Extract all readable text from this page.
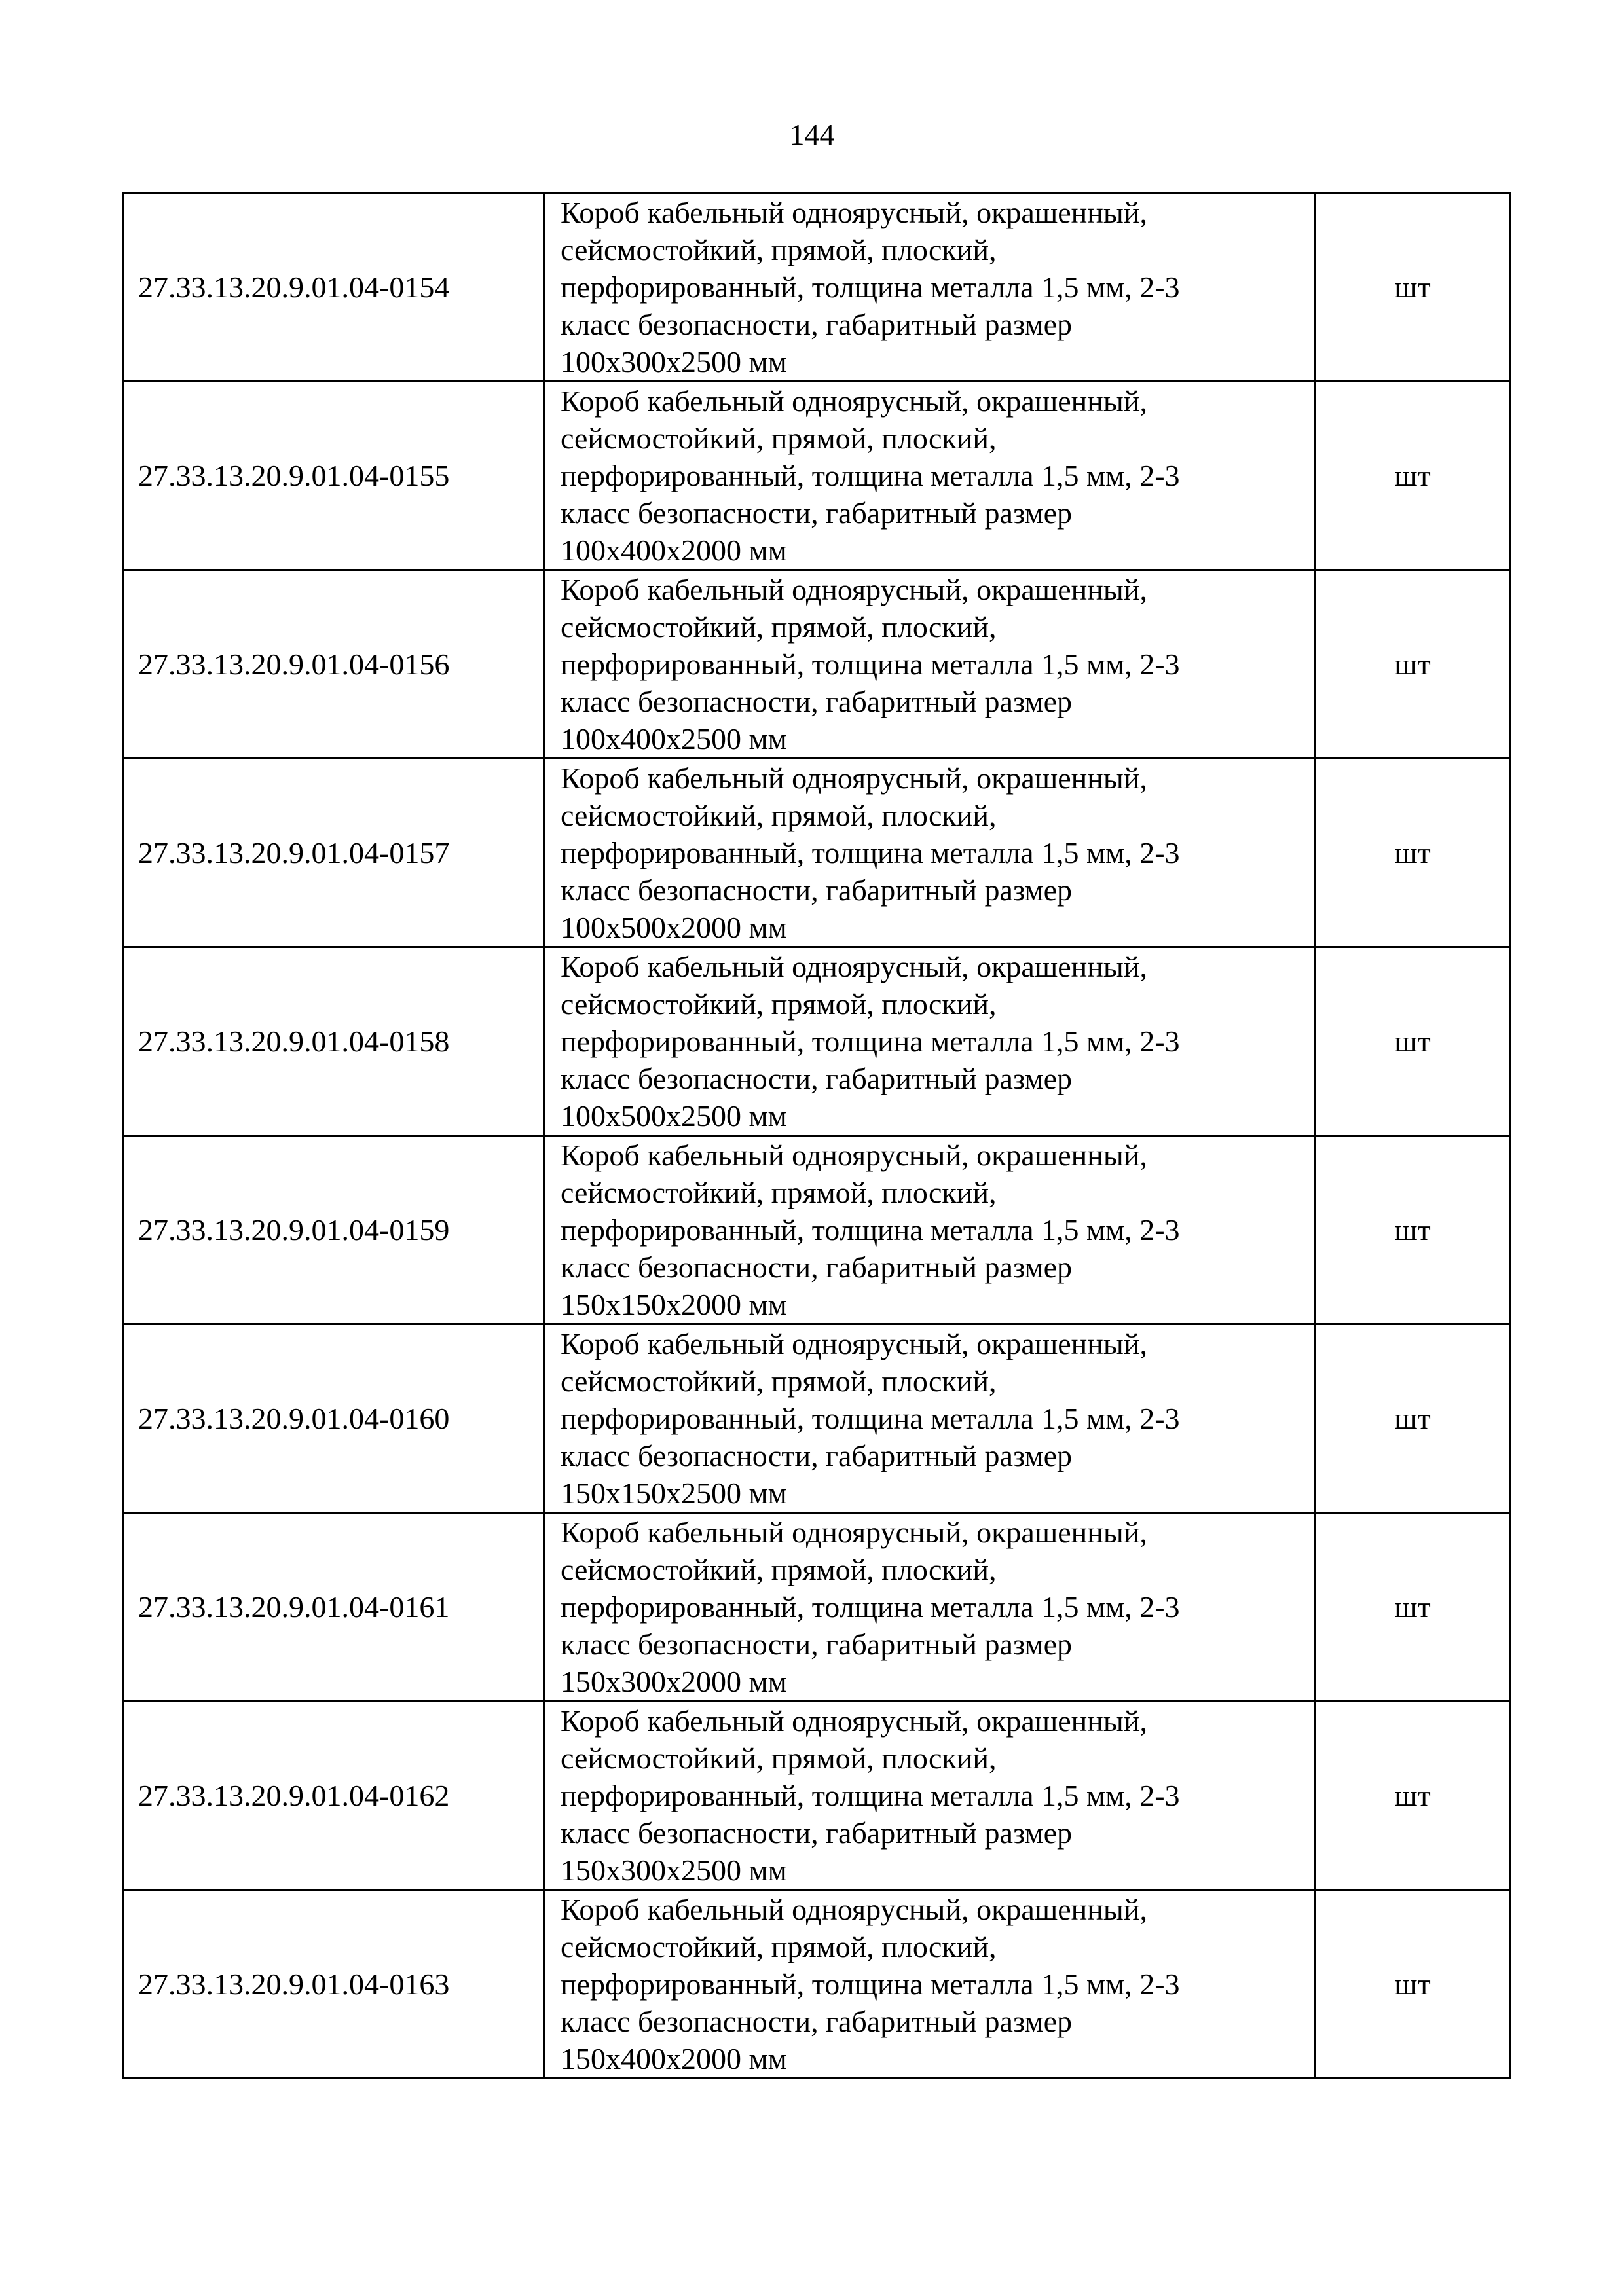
144
27.33.13.20.9.01.04-0154	Короб кабельный одноярусный, окрашенный,
сейсмостойкий, прямой, плоский,
перфорированный, толщина металла 1,5 мм, 2-3
класс безопасности, габаритный размер
100х300х2500 мм	шт
27.33.13.20.9.01.04-0155	Короб кабельный одноярусный, окрашенный,
сейсмостойкий, прямой, плоский,
перфорированный, толщина металла 1,5 мм, 2-3
класс безопасности, габаритный размер
100х400х2000 мм	шт
27.33.13.20.9.01.04-0156	Короб кабельный одноярусный, окрашенный,
сейсмостойкий, прямой, плоский,
перфорированный, толщина металла 1,5 мм, 2-3
класс безопасности, габаритный размер
100х400х2500 мм	шт
27.33.13.20.9.01.04-0157	Короб кабельный одноярусный, окрашенный,
сейсмостойкий, прямой, плоский,
перфорированный, толщина металла 1,5 мм, 2-3
класс безопасности, габаритный размер
100х500х2000 мм	шт
27.33.13.20.9.01.04-0158	Короб кабельный одноярусный, окрашенный,
сейсмостойкий, прямой, плоский,
перфорированный, толщина металла 1,5 мм, 2-3
класс безопасности, габаритный размер
100х500х2500 мм	шт
27.33.13.20.9.01.04-0159	Короб кабельный одноярусный, окрашенный,
сейсмостойкий, прямой, плоский,
перфорированный, толщина металла 1,5 мм, 2-3
класс безопасности, габаритный размер
150х150х2000 мм	шт
27.33.13.20.9.01.04-0160	Короб кабельный одноярусный, окрашенный,
сейсмостойкий, прямой, плоский,
перфорированный, толщина металла 1,5 мм, 2-3
класс безопасности, габаритный размер
150х150х2500 мм	шт
27.33.13.20.9.01.04-0161	Короб кабельный одноярусный, окрашенный,
сейсмостойкий, прямой, плоский,
перфорированный, толщина металла 1,5 мм, 2-3
класс безопасности, габаритный размер
150х300х2000 мм	шт
27.33.13.20.9.01.04-0162	Короб кабельный одноярусный, окрашенный,
сейсмостойкий, прямой, плоский,
перфорированный, толщина металла 1,5 мм, 2-3
класс безопасности, габаритный размер
150х300х2500 мм	шт
27.33.13.20.9.01.04-0163	Короб кабельный одноярусный, окрашенный,
сейсмостойкий, прямой, плоский,
перфорированный, толщина металла 1,5 мм, 2-3
класс безопасности, габаритный размер
150х400х2000 мм	шт
